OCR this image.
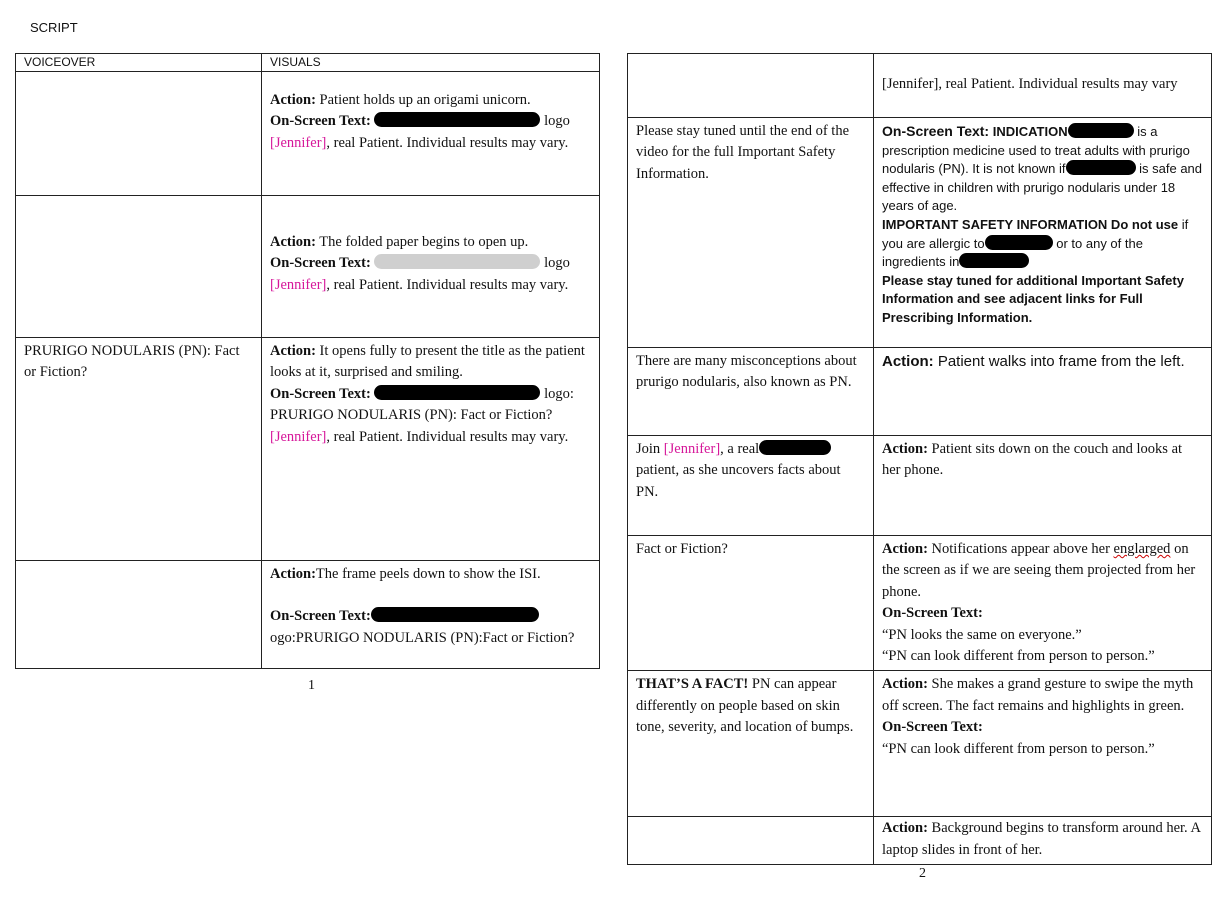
SCRIPT
VOICEOVER	VISUALS

	Action: Patient holds up an origami unicorn.
On-Screen Text: logo
[Jennifer], real Patient. Individual results may vary.

	Action: The folded paper begins to open up.
On-Screen Text: logo
[Jennifer], real Patient. Individual results may vary.

PRURIGO NODULARIS (PN): Fact or Fiction?	Action: It opens fully to present the title as the patient looks at it, surprised and smiling.
On-Screen Text: logo: PRURIGO NODULARIS (PN): Fact or Fiction?
[Jennifer], real Patient. Individual results may vary.

	Action:The frame peels down to show the ISI.
On-Screen Text:ogo:PRURIGO NODULARIS (PN):Fact or Fiction?
1

	[Jennifer], real Patient. Individual results may vary

Please stay tuned until the end of the video for the full Important Safety Information.	On-Screen Text: INDICATION is a prescription medicine used to treat adults with prurigo nodularis (PN). It is not known if is safe and effective in children with prurigo nodularis under 18 years of age.
IMPORTANT SAFETY INFORMATION Do not use if you are allergic to or to any of the ingredients in
Please stay tuned for additional Important Safety Information and see adjacent links for Full Prescribing Information.

There are many misconceptions about prurigo nodularis, also known as PN.	Action: Patient walks into frame from the left.
Join [Jennifer], a real patient, as she uncovers facts about PN.	Action: Patient sits down on the couch and looks at her phone.
Fact or Fiction?	Action: Notifications appear above her englarged on the screen as if we are seeing them projected from her phone.
On-Screen Text:
“PN looks the same on everyone.”
“PN can look different from person to person.”

THAT’S A FACT! PN can appear differently on people based on skin tone, severity, and location of bumps.	Action: She makes a grand gesture to swipe the myth off screen. The fact remains and highlights in green.
On-Screen Text:
“PN can look different from person to person.”

	Action: Background begins to transform around her. A laptop slides in front of her.
2
